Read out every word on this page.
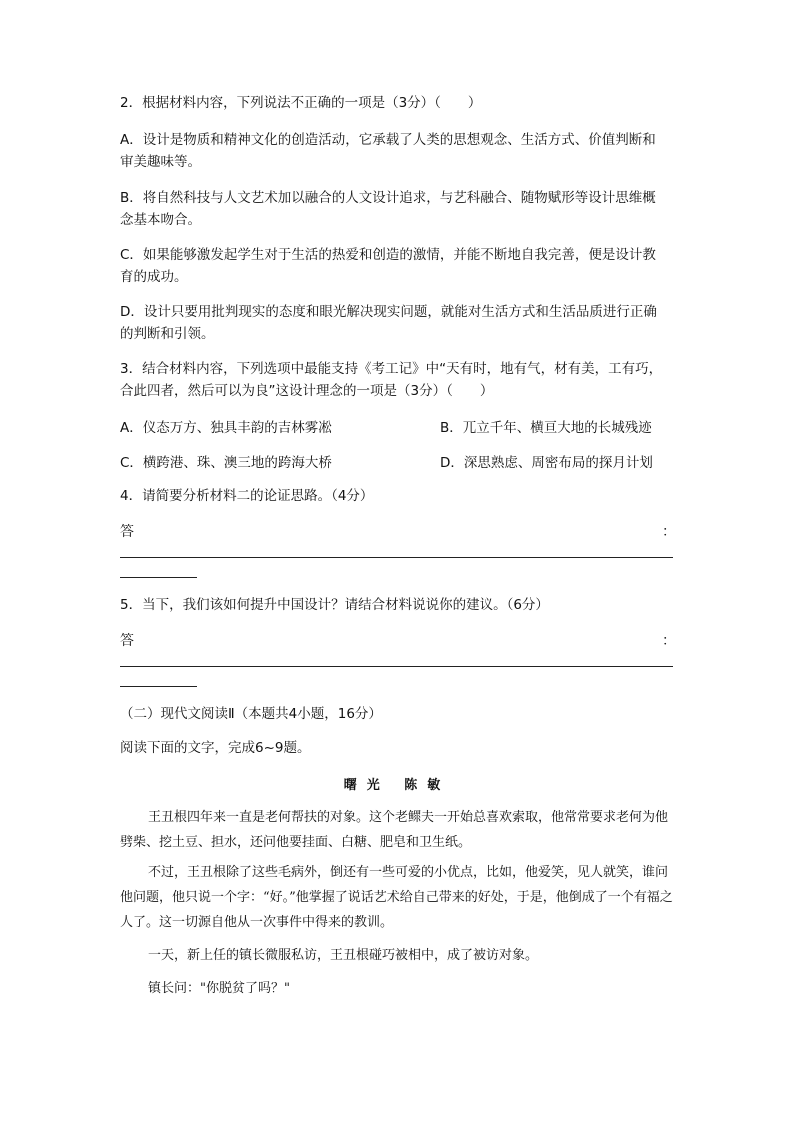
2．根据材料内容，下列说法不正确的一项是（3分）（　　）
A．设计是物质和精神文化的创造活动，它承载了人类的思想观念、生活方式、价值判断和
审美趣味等。
B．将自然科技与人文艺术加以融合的人文设计追求，与艺科融合、随物赋形等设计思维概
念基本吻合。
C．如果能够激发起学生对于生活的热爱和创造的激情，并能不断地自我完善，便是设计教
育的成功。
D．设计只要用批判现实的态度和眼光解决现实问题，就能对生活方式和生活品质进行正确
的判断和引领。
3．结合材料内容，下列选项中最能支持《考工记》中“天有时，地有气，材有美，工有巧，
合此四者，然后可以为良”这设计理念的一项是（3分）（　　）
A．仪态万方、独具丰韵的吉林雾凇	B．兀立千年、横亘大地的长城残迹
C．横跨港、珠、澳三地的跨海大桥	D．深思熟虑、周密布局的探月计划
4．请简要分析材料二的论证思路。（4分）
答	：
5．当下，我们该如何提升中国设计？请结合材料说说你的建议。（6分）
答	：
（二）现代文阅读Ⅱ（本题共4小题，16分）
阅读下面的文字，完成6~9题。
曙光 陈敏
王丑根四年来一直是老何帮扶的对象。这个老鳏夫一开始总喜欢索取，他常常要求老何为他劈柴、挖土豆、担水，还问他要挂面、白糖、肥皂和卫生纸。
不过，王丑根除了这些毛病外，倒还有一些可爱的小优点，比如，他爱笑，见人就笑，谁问他问题，他只说一个字：“好。”他掌握了说话艺术给自己带来的好处，于是，他倒成了一个有福之人了。这一切源自他从一次事件中得来的教训。
一天，新上任的镇长微服私访，王丑根碰巧被相中，成了被访对象。
镇长问："你脱贫了吗？"
